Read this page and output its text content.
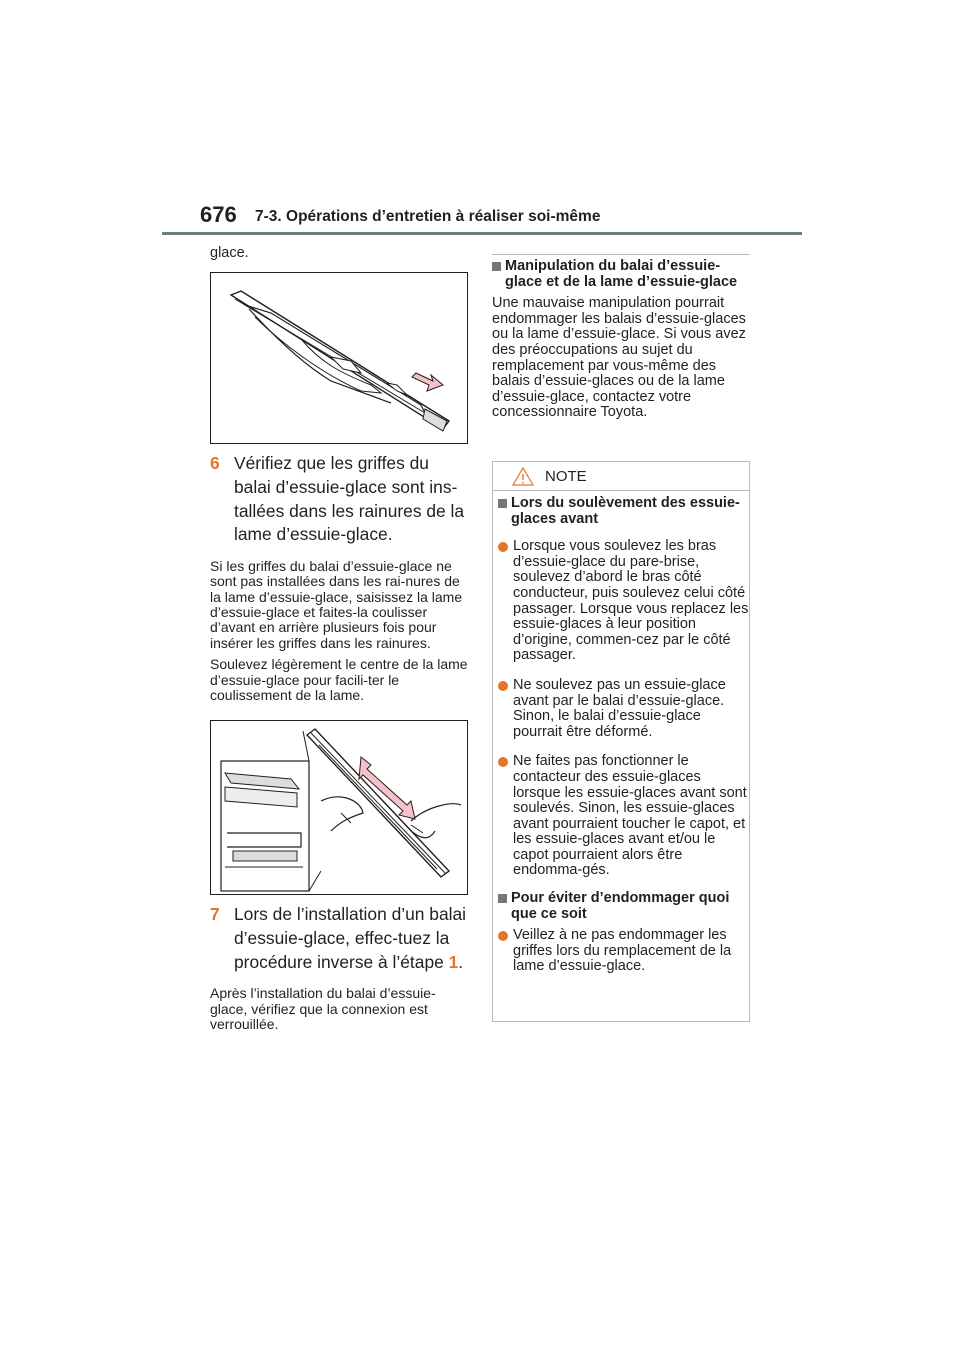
676 7-3. Opérations d’entretien à réaliser soi-même
glace.
6 Vérifiez que les griffes du balai d’essuie-glace sont ins-tallées dans les rainures de la lame d’essuie-glace.
Si les griffes du balai d’essuie-glace ne sont pas installées dans les rai-nures de la lame d’essuie-glace, saisissez la lame d’essuie-glace et faites-la coulisser d’avant en arrière plusieurs fois pour insérer les griffes dans les rainures.
Soulevez légèrement le centre de la lame d’essuie-glace pour facili-ter le coulissement de la lame.
7 Lors de l’installation d’un balai d’essuie-glace, effec-tuez la procédure inverse à l’étape 1.
Après l’installation du balai d’essuie-glace, vérifiez que la connexion est verrouillée.
Manipulation du balai d’essuie-glace et de la lame d’essuie-glace
Une mauvaise manipulation pourrait endommager les balais d’essuie-glaces ou la lame d’essuie-glace. Si vous avez des préoccupations au sujet du remplacement par vous-même des balais d’essuie-glaces ou de la lame d’essuie-glace, contactez votre concessionnaire Toyota.
NOTE
Lors du soulèvement des essuie-glaces avant
Lorsque vous soulevez les bras d’essuie-glace du pare-brise, soulevez d’abord le bras côté conducteur, puis soulevez celui côté passager. Lorsque vous replacez les essuie-glaces à leur position d’origine, commen-cez par le côté passager.
Ne soulevez pas un essuie-glace avant par le balai d’essuie-glace. Sinon, le balai d’essuie-glace pourrait être déformé.
Ne faites pas fonctionner le contacteur des essuie-glaces lorsque les essuie-glaces avant sont soulevés. Sinon, les essuie-glaces avant pourraient toucher le capot, et les essuie-glaces avant et/ou le capot pourraient alors être endomma-gés.
Pour éviter d’endommager quoi que ce soit
Veillez à ne pas endommager les griffes lors du remplacement de la lame d’essuie-glace.
